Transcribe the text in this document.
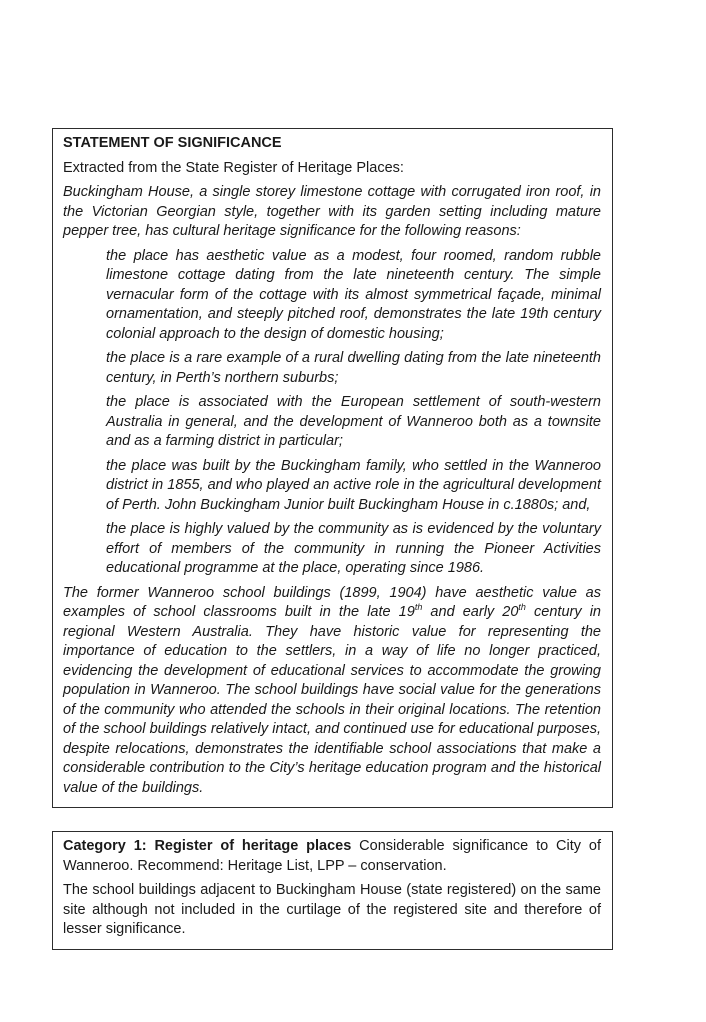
STATEMENT OF SIGNIFICANCE

Extracted from the State Register of Heritage Places:

Buckingham House, a single storey limestone cottage with corrugated iron roof, in the Victorian Georgian style, together with its garden setting including mature pepper tree, has cultural heritage significance for the following reasons:

the place has aesthetic value as a modest, four roomed, random rubble limestone cottage dating from the late nineteenth century. The simple vernacular form of the cottage with its almost symmetrical façade, minimal ornamentation, and steeply pitched roof, demonstrates the late 19th century colonial approach to the design of domestic housing;

the place is a rare example of a rural dwelling dating from the late nineteenth century, in Perth’s northern suburbs;

the place is associated with the European settlement of south-western Australia in general, and the development of Wanneroo both as a townsite and as a farming district in particular;

the place was built by the Buckingham family, who settled in the Wanneroo district in 1855, and who played an active role in the agricultural development of Perth. John Buckingham Junior built Buckingham House in c.1880s; and,

the place is highly valued by the community as is evidenced by the voluntary effort of members of the community in running the Pioneer Activities educational programme at the place, operating since 1986.

The former Wanneroo school buildings (1899, 1904) have aesthetic value as examples of school classrooms built in the late 19th and early 20th century in regional Western Australia. They have historic value for representing the importance of education to the settlers, in a way of life no longer practiced, evidencing the development of educational services to accommodate the growing population in Wanneroo. The school buildings have social value for the generations of the community who attended the schools in their original locations. The retention of the school buildings relatively intact, and continued use for educational purposes, despite relocations, demonstrates the identifiable school associations that make a considerable contribution to the City’s heritage education program and the historical value of the buildings.

Category 1: Register of heritage places Considerable significance to City of Wanneroo. Recommend: Heritage List, LPP – conservation.

The school buildings adjacent to Buckingham House (state registered) on the same site although not included in the curtilage of the registered site and therefore of lesser significance.
